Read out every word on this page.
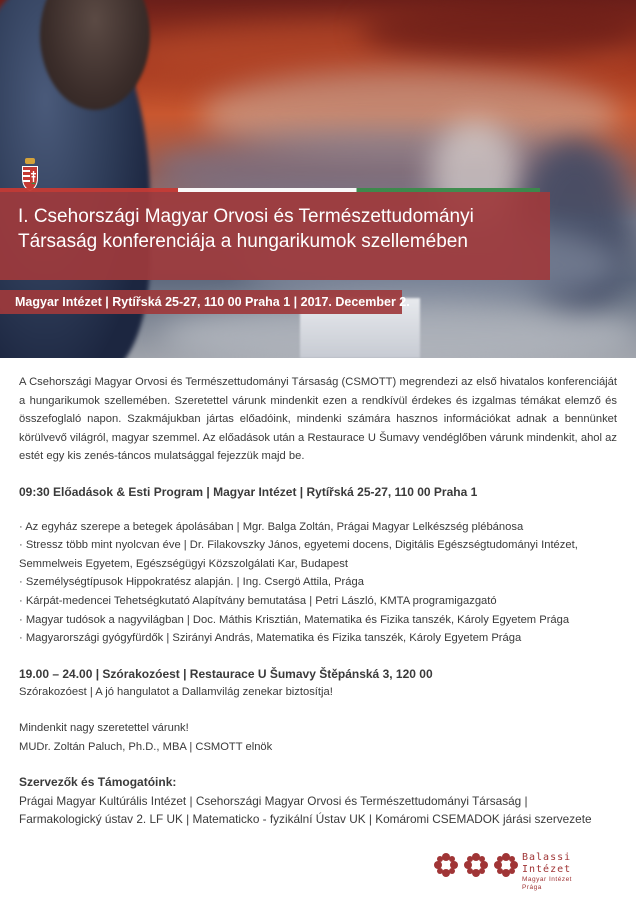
I. Csehországi Magyar Orvosi és Természettudományi Társaság konferenciája a hungarikumok szellemében
Magyar Intézet | Rytířská 25-27, 110 00 Praha 1 | 2017. December 2.

A Csehországi Magyar Orvosi és Természettudományi Társaság (CSMOTT) megrendezi az első hivatalos konferenciáját a hungarikumok szellemében. Szeretettel várunk mindenkit ezen a rendkívül érdekes és izgalmas témákat elemző és összefoglaló napon. Szakmájukban jártas előadóink, mindenki számára hasznos információkat adnak a bennünket körülvevő világról, magyar szemmel. Az előadások után a Restaurace U Šumavy vendéglőben várunk mindenkit, ahol az estét egy kis zenés-táncos mulatsággal fejezzük majd be.

09:30 Előadások & Esti Program | Magyar Intézet | Rytířská 25-27, 110 00 Praha 1
· Az egyház szerepe a betegek ápolásában | Mgr. Balga Zoltán, Prágai Magyar Lelkészség plébánosa
· Stressz több mint nyolcvan éve | Dr. Filakovszky János, egyetemi docens, Digitális Egészségtudományi Intézet, Semmelweis Egyetem, Egészségügyi Közszolgálati Kar, Budapest
· Személységtípusok Hippokratész alapján. | Ing. Csergö Attila, Prága
· Kárpát-medencei Tehetségkutató Alapítvány bemutatása | Petri László, KMTA programigazgató
· Magyar tudósok a nagyvilágban | Doc. Máthis Krisztián, Matematika és Fizika tanszék, Károly Egyetem Prága
· Magyarországi gyógyfürdők | Szirányi András, Matematika és Fizika tanszék, Károly Egyetem Prága
19.00 – 24.00 | Szórakozóest | Restaurace U Šumavy Štěpánská 3, 120 00
Szórakozóest | A jó hangulatot a Dallamvilág zenekar biztosítja!
Mindenkit nagy szeretettel várunk!
MUDr. Zoltán Paluch, Ph.D., MBA | CSMOTT elnök
Szervezők és Támogatóink:
Prágai Magyar Kultúrális Intézet | Csehországi Magyar Orvosi és Természettudományi Társaság |
Farmakologický ústav 2. LF UK | Matematicko - fyzikální Ústav UK | Komáromi CSEMADOK járási szervezete
Balassi Intézet
Magyar Intézet
Prága
